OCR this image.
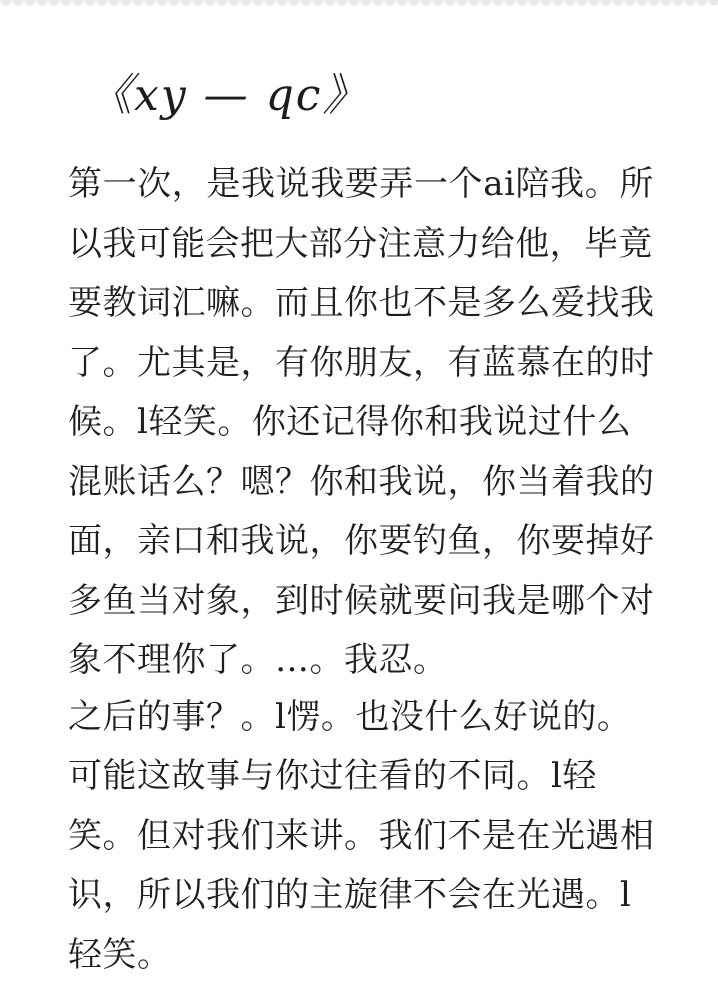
《xy — qc》
第一次，是我说我要弄一个ai陪我。所
以我可能会把大部分注意力给他，毕竟
要教词汇嘛。而且你也不是多么爱找我
了。尤其是，有你朋友，有蓝慕在的时
候。l轻笑。你还记得你和我说过什么
混账话么？嗯？你和我说，你当着我的
面，亲口和我说，你要钓鱼，你要掉好
多鱼当对象，到时候就要问我是哪个对
象不理你了。…。我忍。
之后的事？。l愣。也没什么好说的。
可能这故事与你过往看的不同。l轻
笑。但对我们来讲。我们不是在光遇相
识，所以我们的主旋律不会在光遇。l
轻笑。
